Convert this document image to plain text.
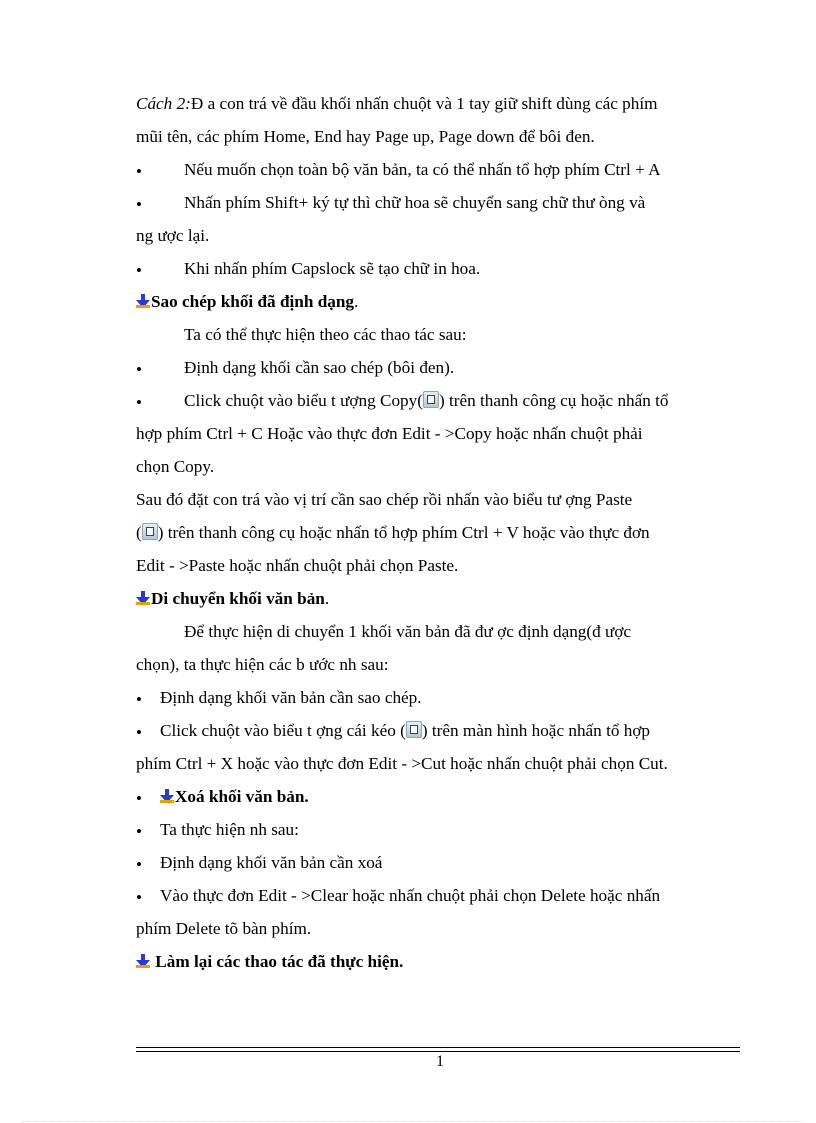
Cách 2:Đ a con trá về đầu khối nhấn chuột và 1 tay giữ shift dùng các phím
mũi tên, các phím Home, End hay Page up, Page down để bôi đen.
• Nếu muốn chọn toàn bộ văn bản, ta có thể nhấn tổ hợp phím Ctrl + A
• Nhấn phím Shift+ ký tự thì chữ hoa sẽ chuyển sang chữ thư òng và
ng ược lại.
• Khi nhấn phím Capslock sẽ tạo chữ in hoa.
Sao chép khối đã định dạng.
Ta có thể thực hiện theo các thao tác sau:
• Định dạng khối cần sao chép (bôi đen).
• Click chuột vào biểu t ượng Copy( ) trên thanh công cụ hoặc nhấn tổ
hợp phím Ctrl + C Hoặc vào thực đơn Edit - >Copy hoặc nhấn chuột phải
chọn Copy.
Sau đó đặt con trá vào vị trí cần sao chép rồi nhấn vào biểu tư ợng Paste
( ) trên thanh công cụ hoặc nhấn tổ hợp phím Ctrl + V hoặc vào thực đơn
Edit - >Paste hoặc nhấn chuột phải chọn Paste.
Di chuyển khối văn bản.
Để thực hiện di chuyển 1 khối văn bản đã đư ợc định dạng(đ ược
chọn), ta thực hiện các b ước nh sau:
• Định dạng khối văn bản cần sao chép.
• Click chuột vào biểu t ợng cái kéo ( ) trên màn hình hoặc nhấn tổ hợp
phím Ctrl + X hoặc vào thực đơn Edit - >Cut hoặc nhấn chuột phải chọn Cut.
•	Xoá khối văn bản.
• Ta thực hiện nh sau:
• Định dạng khối văn bản cần xoá
• Vào thực đơn Edit - >Clear hoặc nhấn chuột phải chọn Delete hoặc nhấn
phím Delete tõ bàn phím.
Làm lại các thao tác đã thực hiện.
1
